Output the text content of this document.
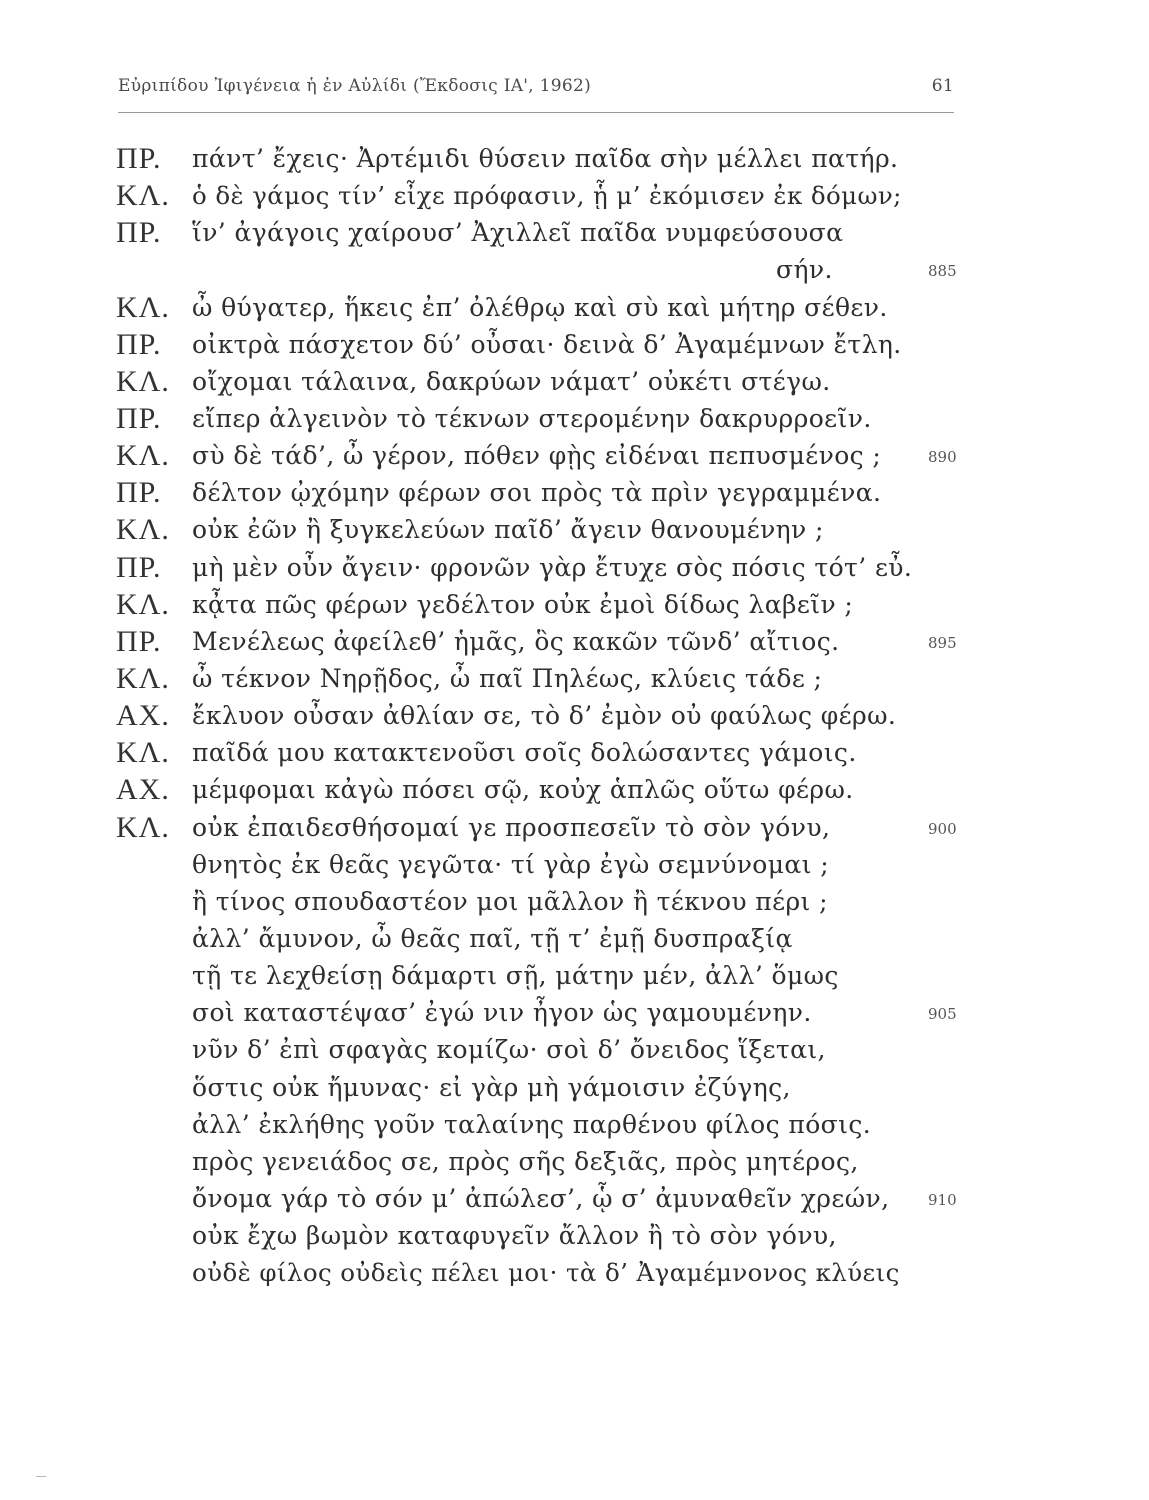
Εὐριπίδου Ἰφιγένεια ἡ ἐν Αὐλίδι (Ἔκδοσις ΙΑ', 1962)	61
ΠΡ.	πάντ’ ἔχεις· Ἀρτέμιδι θύσειν παῖδα σὴν μέλλει πατήρ.
ΚΛ. ὁ δὲ γάμος τίν’ εἶχε πρόφασιν, ᾗ μ’ ἐκόμισεν ἐκ δόμων;
ΠΡ.	ἵν’ ἀγάγοις χαίρουσ’ Ἀχιλλεῖ παῖδα νυμφεύσουσα
σήν.	885
ΚΛ. ὦ θύγατερ, ἥκεις ἐπ’ ὀλέθρῳ καὶ σὺ καὶ μήτηρ σέθεν.
ΠΡ.	οἰκτρὰ πάσχετον δύ’ οὖσαι· δεινὰ δ’ Ἀγαμέμνων ἔτλη.
ΚΛ. οἴχομαι τάλαινα, δακρύων νάματ’ οὐκέτι στέγω.
ΠΡ.	εἴπερ ἀλγεινὸν τὸ τέκνων στερομένην δακρυρροεῖν.
ΚΛ. σὺ δὲ τάδ’, ὦ γέρον, πόθεν φῂς εἰδέναι πεπυσμένος ;	890
ΠΡ.	δέλτον ᾠχόμην φέρων σοι πρὸς τὰ πρὶν γεγραμμένα.
ΚΛ. οὐκ ἐῶν ἢ ξυγκελεύων παῖδ’ ἄγειν θανουμένην ;
ΠΡ.	μὴ μὲν οὖν ἄγειν· φρονῶν γὰρ ἔτυχε σὸς πόσις τότ’ εὖ.
ΚΛ. κᾆτα πῶς φέρων γεδέλτον οὐκ ἐμοὶ δίδως λαβεῖν ;
ΠΡ.	Μενέλεως ἀφείλεθ’ ἡμᾶς, ὃς κακῶν τῶνδ’ αἴτιος.	895
ΚΛ. ὦ τέκνον Νηρῇδος, ὦ παῖ Πηλέως, κλύεις τάδε ;
ΑΧ. ἔκλυον οὖσαν ἀθλίαν σε, τὸ δ’ ἐμὸν οὐ φαύλως φέρω.
ΚΛ. παῖδά μου κατακτενοῦσι σοῖς δολώσαντες γάμοις.
ΑΧ. μέμφομαι κἀγὼ πόσει σῷ, κοὐχ ἁπλῶς οὕτω φέρω.
ΚΛ. οὐκ ἐπαιδεσθήσομαί γε προσπεσεῖν τὸ σὸν γόνυ,	900
θνητὸς ἐκ θεᾶς γεγῶτα· τί γὰρ ἐγὼ σεμνύνομαι ;
ἢ τίνος σπουδαστέον μοι μᾶλλον ἢ τέκνου πέρι ;
ἀλλ’ ἄμυνον, ὦ θεᾶς παῖ, τῇ τ’ ἐμῇ δυσπραξίᾳ
τῇ τε λεχθείσῃ δάμαρτι σῇ, μάτην μέν, ἀλλ’ ὅμως
σοὶ καταστέψασ’ ἐγώ νιν ἦγον ὡς γαμουμένην.	905
νῦν δ’ ἐπὶ σφαγὰς κομίζω· σοὶ δ’ ὄνειδος ἵξεται,
ὅστις οὐκ ἤμυνας· εἰ γὰρ μὴ γάμοισιν ἐζύγης,
ἀλλ’ ἐκλήθης γοῦν ταλαίνης παρθένου φίλος πόσις.
πρὸς γενειάδος σε, πρὸς σῆς δεξιᾶς, πρὸς μητέρος,
ὄνομα γάρ τὸ σόν μ’ ἀπώλεσ’, ᾧ σ’ ἀμυναθεῖν χρεών,	910
οὐκ ἔχω βωμὸν καταφυγεῖν ἄλλον ἢ τὸ σὸν γόνυ,
οὐδὲ φίλος οὐδεὶς πέλει μοι· τὰ δ’ Ἀγαμέμνονος κλύεις
